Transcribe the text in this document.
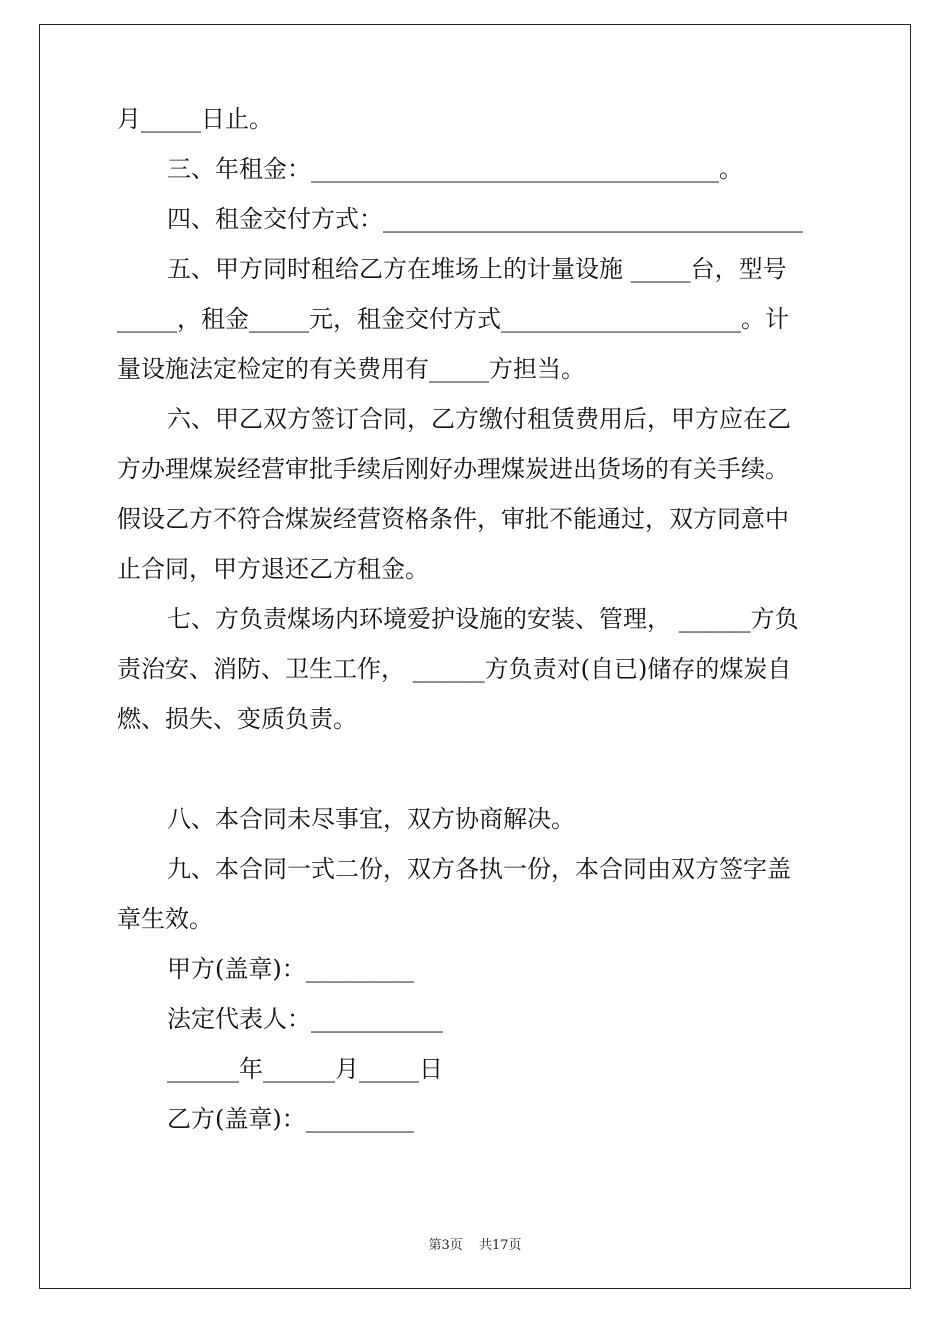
月_____日止。
三、年租金：__________________________________。
四、租金交付方式：___________________________________
五、甲方同时租给乙方在堆场上的计量设施 _____台，型号
_____，租金_____元，租金交付方式____________________。计
量设施法定检定的有关费用有_____方担当。
六、甲乙双方签订合同，乙方缴付租赁费用后，甲方应在乙
方办理煤炭经营审批手续后刚好办理煤炭进出货场的有关手续。
假设乙方不符合煤炭经营资格条件，审批不能通过，双方同意中
止合同，甲方退还乙方租金。
七、方负责煤场内环境爱护设施的安装、管理， ______方负
责治安、消防、卫生工作， ______方负责对(自已)储存的煤炭自
燃、损失、变质负责。
八、本合同未尽事宜，双方协商解决。
九、本合同一式二份，双方各执一份，本合同由双方签字盖
章生效。
甲方(盖章)：_________
法定代表人：___________
______年______月_____日
乙方(盖章)：_________
第3页 共17页
